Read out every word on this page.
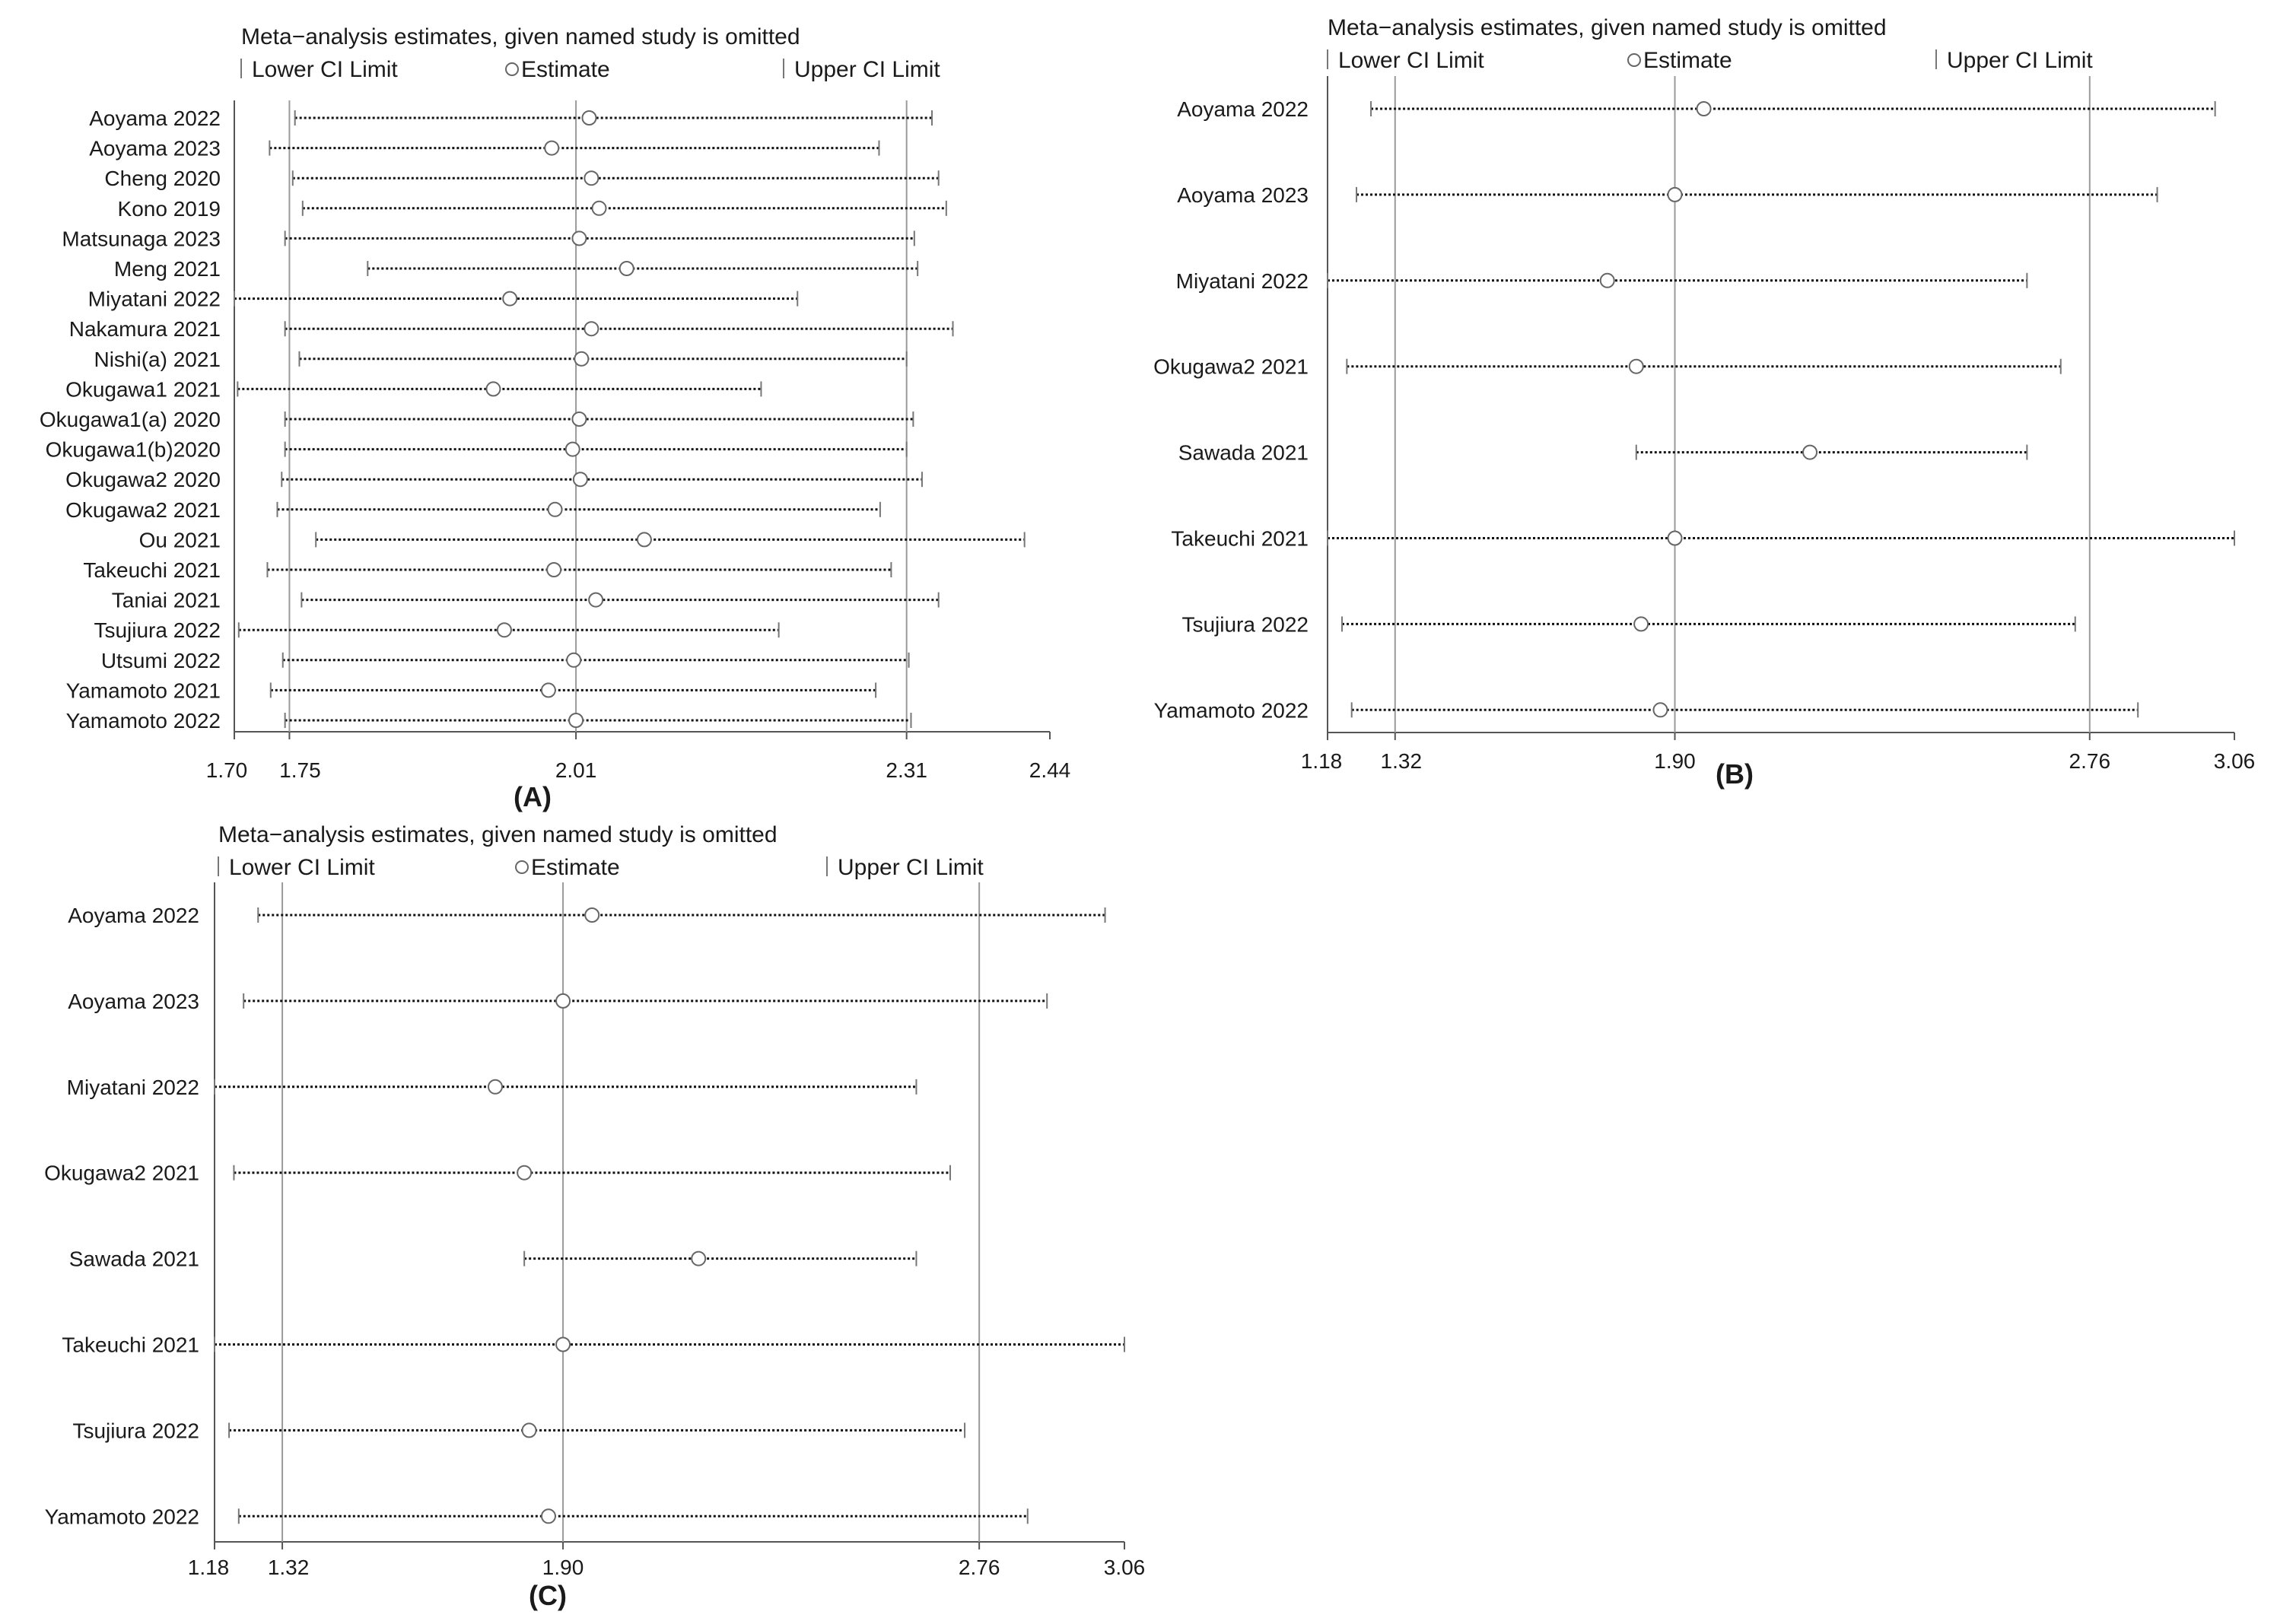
Meta−analysis estimates, given named study is omitted
Lower CI Limit	Estimate	Upper CI Limit
1.70 1.75	2.01	2.31	2.44
Aoyama 2022
Aoyama 2023
Cheng 2020
Kono 2019
Matsunaga 2023
Meng 2021
Miyatani 2022
Nakamura 2021
Nishi(a) 2021
Okugawa1 2021
Okugawa1(a) 2020
Okugawa1(b)2020
Okugawa2 2020
Okugawa2 2021
Ou 2021
Takeuchi 2021
Taniai 2021
Tsujiura 2022
Utsumi 2022
Yamamoto 2021
Yamamoto 2022
(A)
Meta−analysis estimates, given named study is omitted
Lower CI Limit	Estimate	Upper CI Limit
1.18 1.32	1.90	2.76	3.06
Aoyama 2022
Aoyama 2023
Miyatani 2022
Okugawa2 2021
Sawada 2021
Takeuchi 2021
Tsujiura 2022
Yamamoto 2022
(B)
Meta−analysis estimates, given named study is omitted
Lower CI Limit	Estimate	Upper CI Limit
1.18 1.32	1.90	2.76	3.06
Aoyama 2022
Aoyama 2023
Miyatani 2022
Okugawa2 2021
Sawada 2021
Takeuchi 2021
Tsujiura 2022
Yamamoto 2022
(C)
